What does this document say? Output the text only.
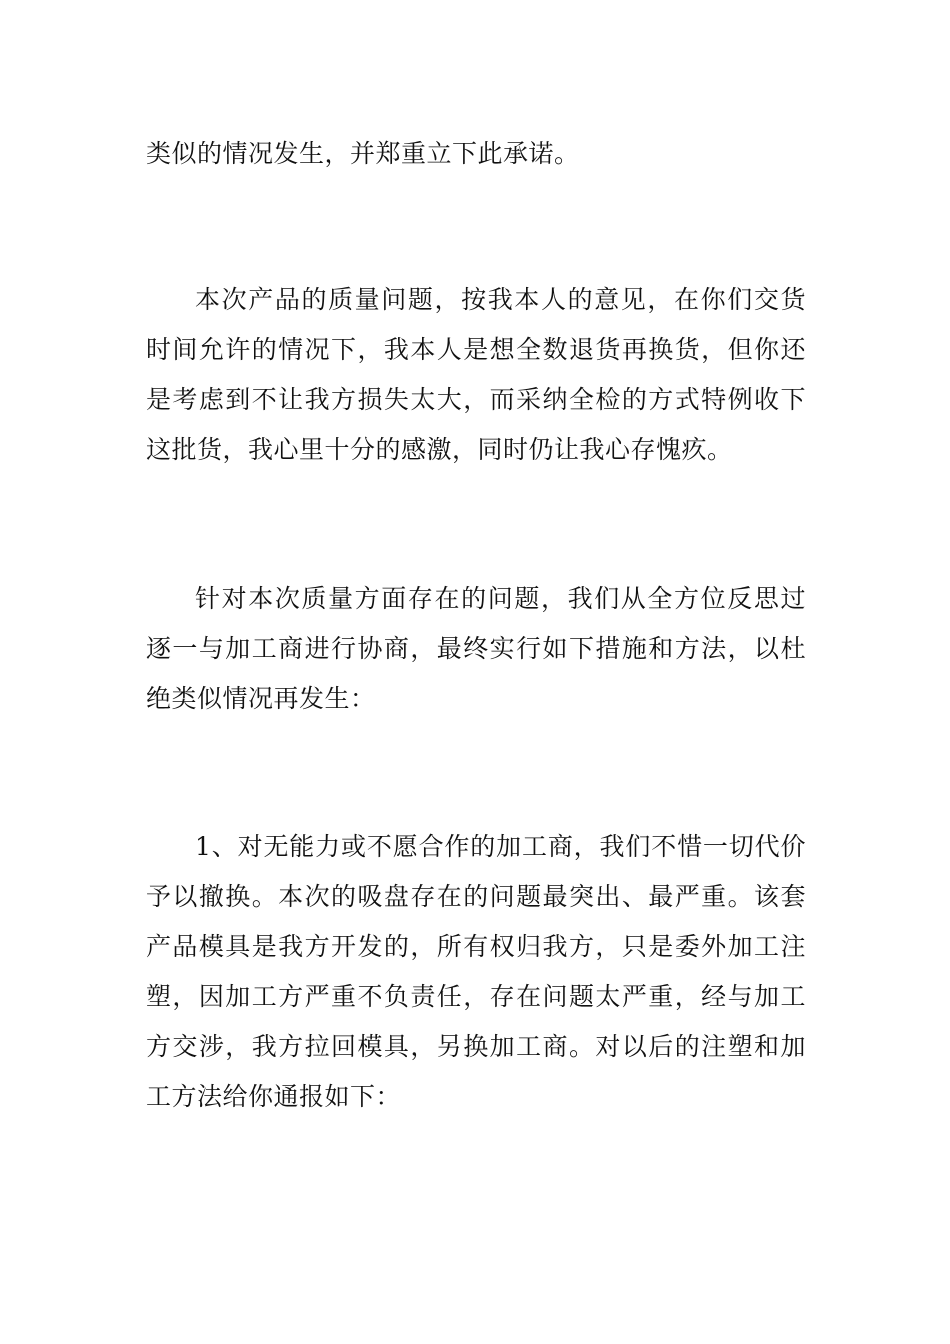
类似的情况发生，并郑重立下此承诺。
本次产品的质量问题，按我本人的意见，在你们交货
时间允许的情况下，我本人是想全数退货再换货，但你还
是考虑到不让我方损失太大，而采纳全检的方式特例收下
这批货，我心里十分的感激，同时仍让我心存愧疚。
针对本次质量方面存在的问题，我们从全方位反思过
逐一与加工商进行协商，最终实行如下措施和方法，以杜
绝类似情况再发生：
1、对无能力或不愿合作的加工商，我们不惜一切代价
予以撤换。本次的吸盘存在的问题最突出、最严重。该套
产品模具是我方开发的，所有权归我方，只是委外加工注
塑，因加工方严重不负责任，存在问题太严重，经与加工
方交涉，我方拉回模具，另换加工商。对以后的注塑和加
工方法给你通报如下：
